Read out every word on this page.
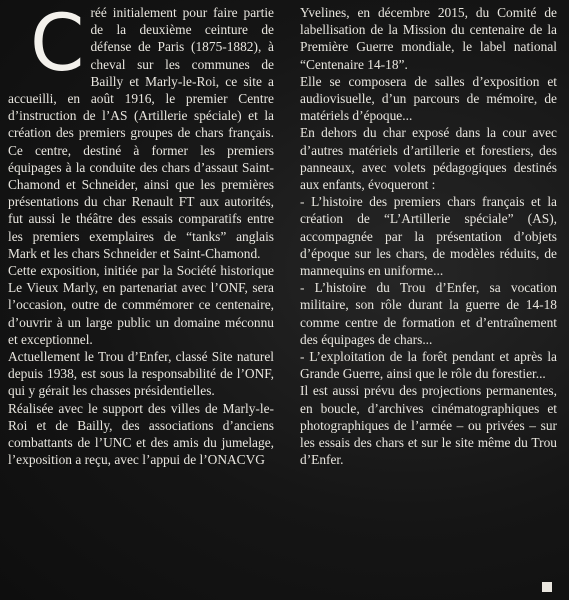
Créé initialement pour faire partie de la deuxième ceinture de défense de Paris (1875-1882), à cheval sur les communes de Bailly et Marly-le-Roi, ce site a accueilli, en août 1916, le premier Centre d’instruction de l’AS (Artillerie spéciale) et la création des premiers groupes de chars français. Ce centre, destiné à former les premiers équipages à la conduite des chars d’assaut Saint-Chamond et Schneider, ainsi que les premières présentations du char Renault FT aux autorités, fut aussi le théâtre des essais comparatifs entre les premiers exemplaires de “tanks” anglais Mark et les chars Schneider et Saint-Chamond.

Cette exposition, initiée par la Société historique Le Vieux Marly, en partenariat avec l’ONF, sera l’occasion, outre de commémorer ce centenaire, d’ouvrir à un large public un domaine méconnu et exceptionnel.

Actuellement le Trou d’Enfer, classé Site naturel depuis 1938, est sous la responsabilité de l’ONF, qui y gérait les chasses présidentielles.

Réalisée avec le support des villes de Marly-le-Roi et de Bailly, des associations d’anciens combattants de l’UNC et des amis du jumelage, l’exposition a reçu, avec l’appui de l’ONACVG

Yvelines, en décembre 2015, du Comité de labellisation de la Mission du centenaire de la Première Guerre mondiale, le label national “Centenaire 14-18”.

Elle se composera de salles d’exposition et audiovisuelle, d’un parcours de mémoire, de matériels d’époque...

En dehors du char exposé dans la cour avec d’autres matériels d’artillerie et forestiers, des panneaux, avec volets pédagogiques destinés aux enfants, évoqueront :

- L’histoire des premiers chars français et la création de “L’Artillerie spéciale” (AS), accompagnée par la présentation d’objets d’époque sur les chars, de modèles réduits, de mannequins en uniforme...

- L’histoire du Trou d’Enfer, sa vocation militaire, son rôle durant la guerre de 14-18 comme centre de formation et d’entraînement des équipages de chars...

- L’exploitation de la forêt pendant et après la Grande Guerre, ainsi que le rôle du forestier...

Il est aussi prévu des projections permanentes, en boucle, d’archives cinématographiques et photographiques de l’armée – ou privées – sur les essais des chars et sur le site même du Trou d’Enfer.
